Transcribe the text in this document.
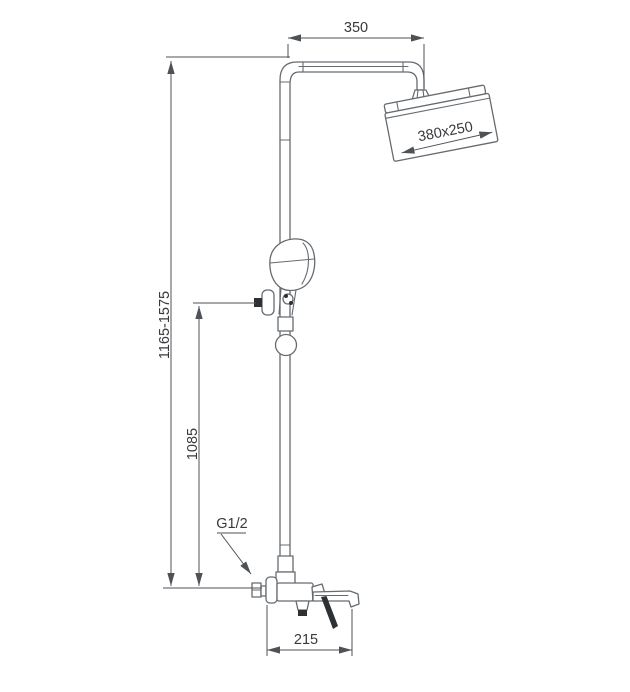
380x250
350
1165-1575
1085
G1/2
215
